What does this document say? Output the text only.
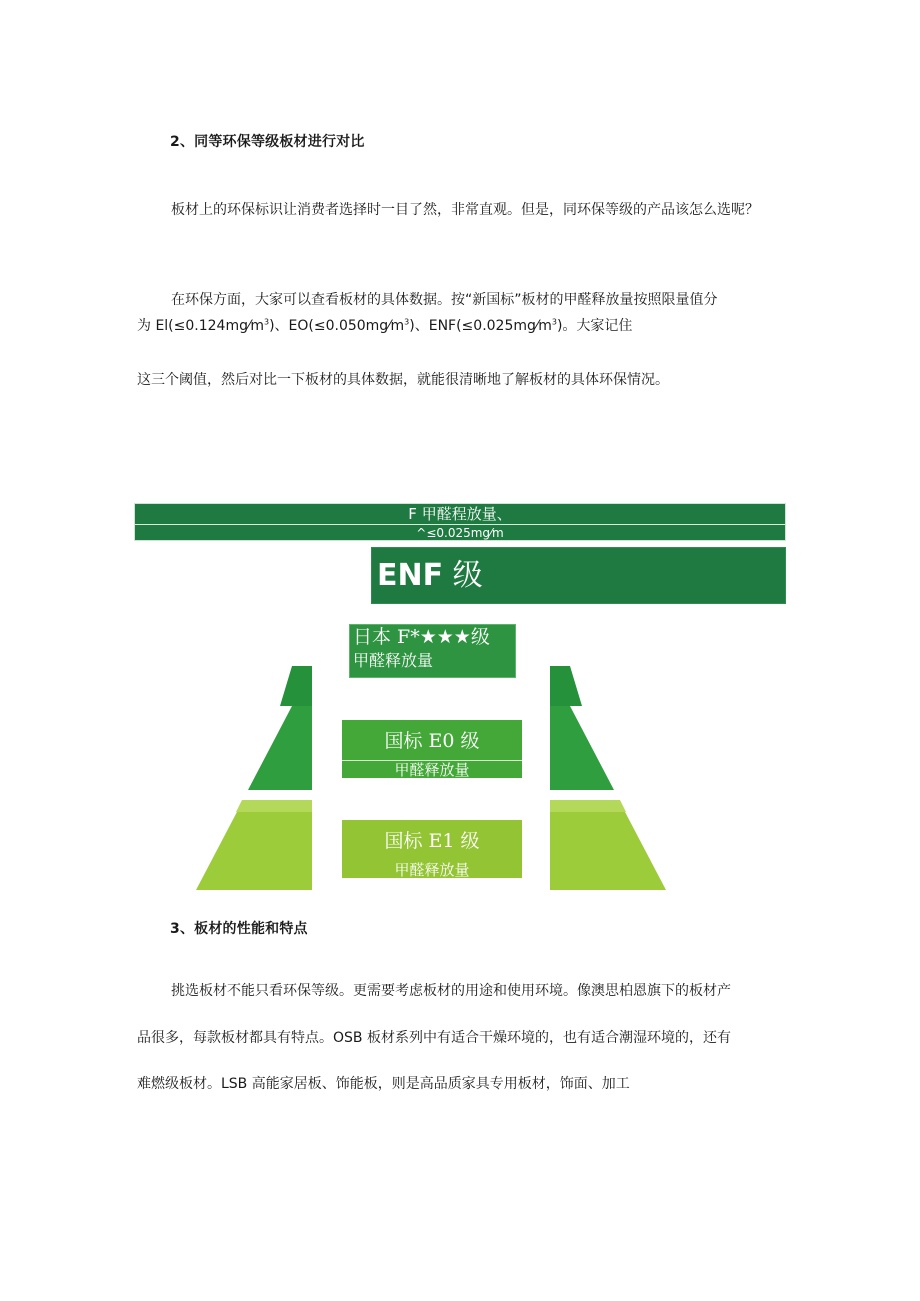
2、同等环保等级板材进行对比
板材上的环保标识让消费者选择时一目了然，非常直观。但是，同环保等级的产品该怎么选呢？
在环保方面，大家可以查看板材的具体数据。按“新国标”板材的甲醛释放量按照限量值分
为 $El(\le 0.124mg⁄m^3)$、$EO(\le 0.050mg⁄m^3)$、$ENF(\le 0.025mg⁄m^3)$。大家记住
这三个阈值，然后对比一下板材的具体数据，就能很清晰地了解板材的具体环保情况。
F 甲醛程放量、
^≤0.025mg⁄m
ENF 级
日本 F*★★★级
甲醛释放量
国标 E0 级
甲醛释放量
国标 E1 级
甲醛释放量
3、板材的性能和特点
挑选板材不能只看环保等级。更需要考虑板材的用途和使用环境。像澳思柏恩旗下的板材产
品很多，每款板材都具有特点。OSB 板材系列中有适合干燥环境的，也有适合潮湿环境的，还有
难燃级板材。LSB 高能家居板、饰能板，则是高品质家具专用板材，饰面、加工
